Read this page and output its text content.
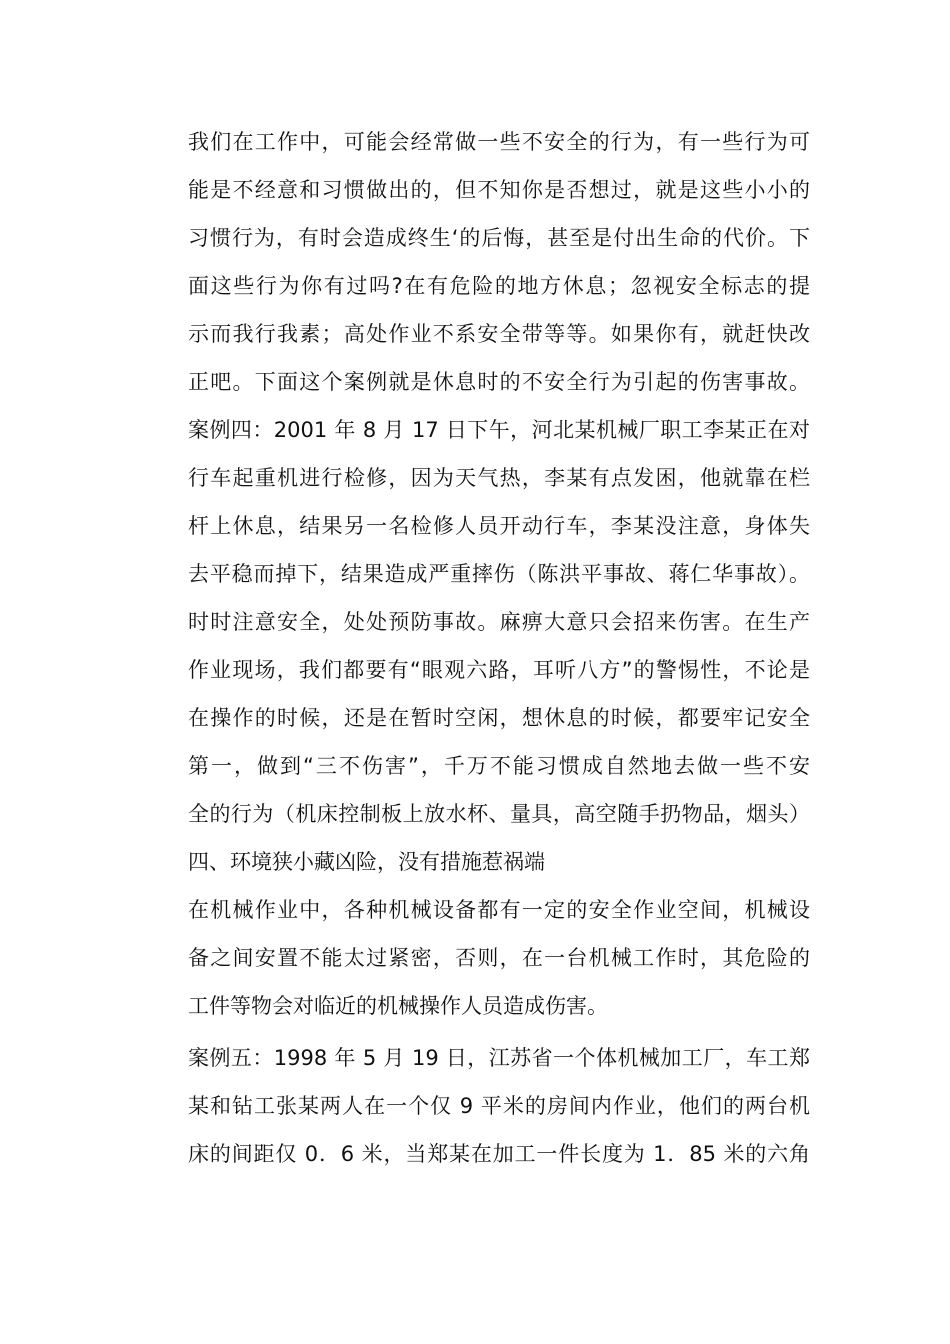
我们在工作中，可能会经常做一些不安全的行为，有一些行为可
能是不经意和习惯做出的，但不知你是否想过，就是这些小小的
习惯行为，有时会造成终生‘的后悔，甚至是付出生命的代价。下
面这些行为你有过吗?在有危险的地方休息；忽视安全标志的提
示而我行我素；高处作业不系安全带等等。如果你有，就赶快改
正吧。下面这个案例就是休息时的不安全行为引起的伤害事故。
案例四：2001 年 8 月 17 日下午，河北某机械厂职工李某正在对
行车起重机进行检修，因为天气热，李某有点发困，他就靠在栏
杆上休息，结果另一名检修人员开动行车，李某没注意，身体失
去平稳而掉下，结果造成严重摔伤（陈洪平事故、蒋仁华事故）。
时时注意安全，处处预防事故。麻痹大意只会招来伤害。在生产
作业现场，我们都要有“眼观六路，耳听八方”的警惕性，不论是
在操作的时候，还是在暂时空闲，想休息的时候，都要牢记安全
第一，做到“三不伤害”，千万不能习惯成自然地去做一些不安
全的行为（机床控制板上放水杯、量具，高空随手扔物品，烟头）
四、环境狭小藏凶险，没有措施惹祸端
在机械作业中，各种机械设备都有一定的安全作业空间，机械设
备之间安置不能太过紧密，否则，在一台机械工作时，其危险的
工件等物会对临近的机械操作人员造成伤害。
案例五：1998 年 5 月 19 日，江苏省一个体机械加工厂，车工郑
某和钻工张某两人在一个仅 9 平米的房间内作业，他们的两台机
床的间距仅 0．6 米，当郑某在加工一件长度为 1．85 米的六角
